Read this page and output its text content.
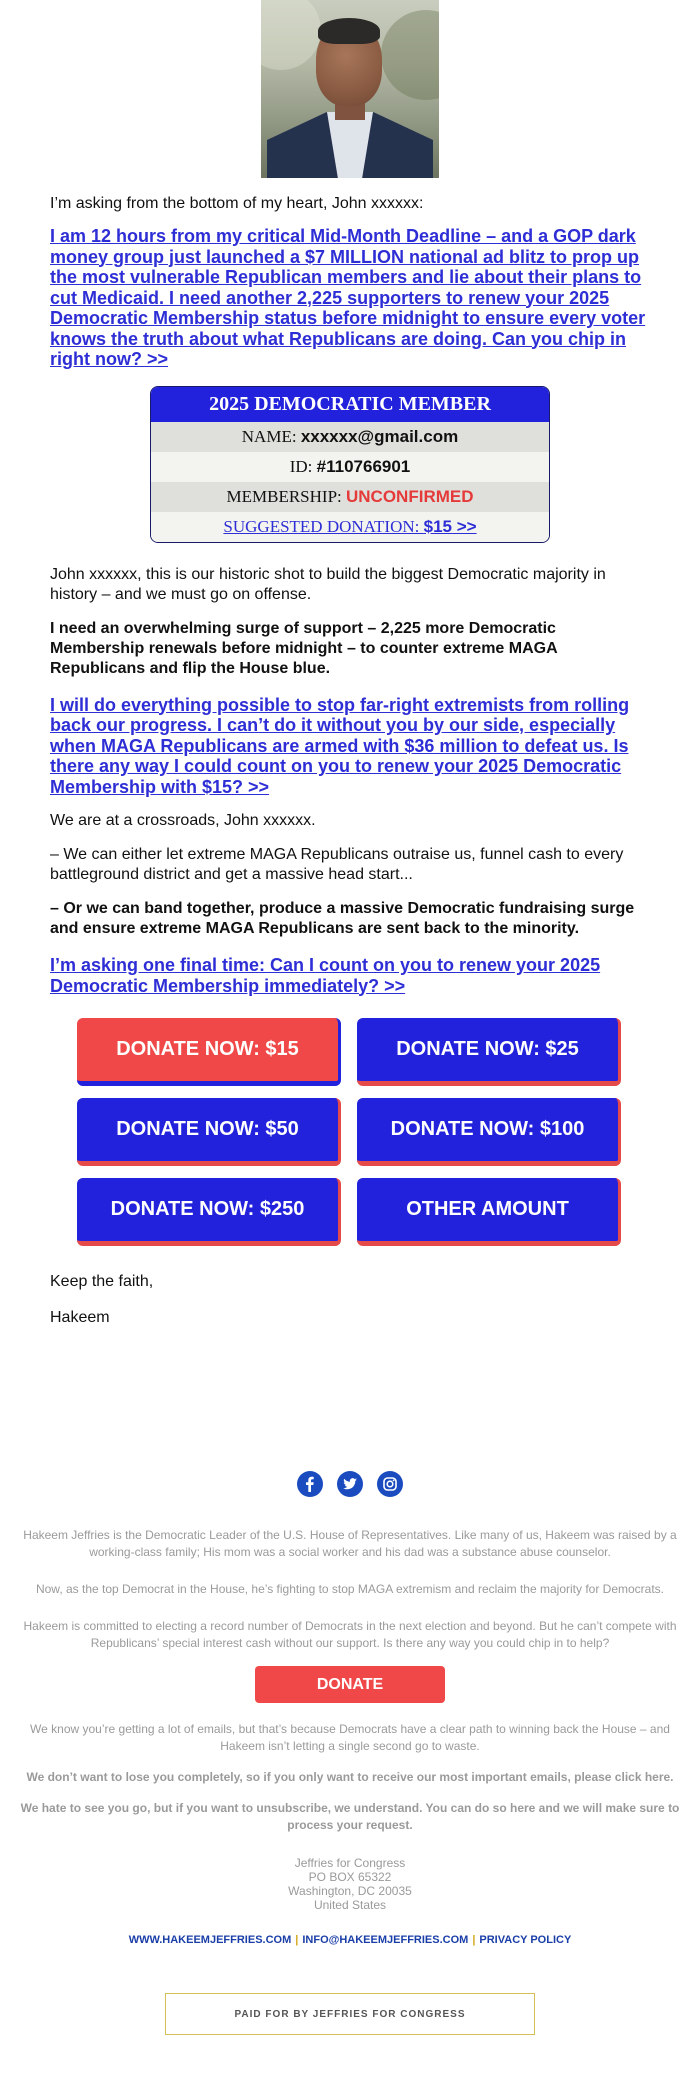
I’m asking from the bottom of my heart, John xxxxxx:

I am 12 hours from my critical Mid-Month Deadline – and a GOP dark money group just launched a $7 MILLION national ad blitz to prop up the most vulnerable Republican members and lie about their plans to cut Medicaid. I need another 2,225 supporters to renew your 2025 Democratic Membership status before midnight to ensure every voter knows the truth about what Republicans are doing. Can you chip in right now? >>
2025 DEMOCRATIC MEMBER
NAME: xxxxxx@gmail.com
ID: #110766901
MEMBERSHIP: UNCONFIRMED
SUGGESTED DONATION: $15 >>

John xxxxxx, this is our historic shot to build the biggest Democratic majority in history – and we must go on offense.

I need an overwhelming surge of support – 2,225 more Democratic Membership renewals before midnight – to counter extreme MAGA Republicans and flip the House blue.

I will do everything possible to stop far-right extremists from rolling back our progress. I can’t do it without you by our side, especially when MAGA Republicans are armed with $36 million to defeat us. Is there any way I could count on you to renew your 2025 Democratic Membership with $15? >>

We are at a crossroads, John xxxxxx.

– We can either let extreme MAGA Republicans outraise us, funnel cash to every battleground district and get a massive head start...

– Or we can band together, produce a massive Democratic fundraising surge and ensure extreme MAGA Republicans are sent back to the minority.

I’m asking one final time: Can I count on you to renew your 2025 Democratic Membership immediately? >>
DONATE NOW: $15	DONATE NOW: $25
DONATE NOW: $50	DONATE NOW: $100
DONATE NOW: $250	OTHER AMOUNT

Keep the faith,

Hakeem

Hakeem Jeffries is the Democratic Leader of the U.S. House of Representatives. Like many of us, Hakeem was raised by a working-class family; His mom was a social worker and his dad was a substance abuse counselor.

Now, as the top Democrat in the House, he’s fighting to stop MAGA extremism and reclaim the majority for Democrats.

Hakeem is committed to electing a record number of Democrats in the next election and beyond. But he can’t compete with Republicans’ special interest cash without our support. Is there any way you could chip in to help?

DONATE

We know you’re getting a lot of emails, but that’s because Democrats have a clear path to winning back the House – and Hakeem isn’t letting a single second go to waste.

We don’t want to lose you completely, so if you only want to receive our most important emails, please click here.

We hate to see you go, but if you want to unsubscribe, we understand. You can do so here and we will make sure to process your request.

Jeffries for Congress
PO BOX 65322
Washington, DC 20035
United States
WWW.HAKEEMJEFFRIES.COM | INFO@HAKEEMJEFFRIES.COM | PRIVACY POLICY
PAID FOR BY JEFFRIES FOR CONGRESS
